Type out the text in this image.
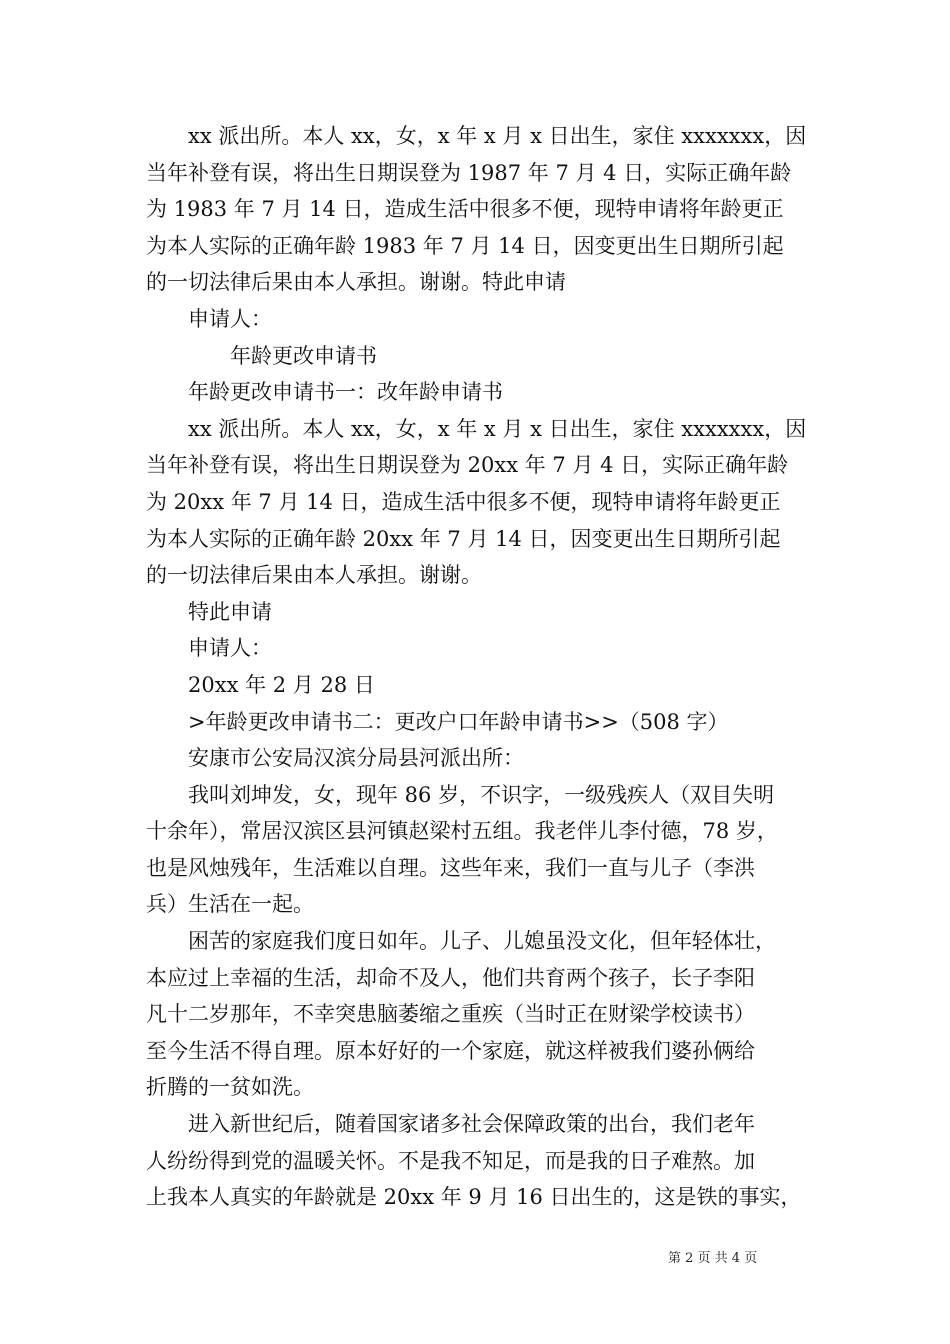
xx 派出所。本人 xx，女，x 年 x 月 x 日出生，家住 xxxxxxx，因
当年补登有误，将出生日期误登为 1987 年 7 月 4 日，实际正确年龄
为 1983 年 7 月 14 日，造成生活中很多不便，现特申请将年龄更正
为本人实际的正确年龄 1983 年 7 月 14 日，因变更出生日期所引起
的一切法律后果由本人承担。谢谢。特此申请
申请人：
年龄更改申请书
年龄更改申请书一：改年龄申请书
xx 派出所。本人 xx，女，x 年 x 月 x 日出生，家住 xxxxxxx，因
当年补登有误，将出生日期误登为 20xx 年 7 月 4 日，实际正确年龄
为 20xx 年 7 月 14 日，造成生活中很多不便，现特申请将年龄更正
为本人实际的正确年龄 20xx 年 7 月 14 日，因变更出生日期所引起
的一切法律后果由本人承担。谢谢。
特此申请
申请人：
20xx 年 2 月 28 日
>年龄更改申请书二：更改户口年龄申请书>>（508 字）
安康市公安局汉滨分局县河派出所：
我叫刘坤发，女，现年 86 岁，不识字，一级残疾人（双目失明
十余年），常居汉滨区县河镇赵梁村五组。我老伴儿李付德，78 岁，
也是风烛残年，生活难以自理。这些年来，我们一直与儿子（李洪
兵）生活在一起。
困苦的家庭我们度日如年。儿子、儿媳虽没文化，但年轻体壮，
本应过上幸福的生活，却命不及人，他们共育两个孩子，长子李阳
凡十二岁那年，不幸突患脑萎缩之重疾（当时正在财梁学校读书）
至今生活不得自理。原本好好的一个家庭，就这样被我们婆孙俩给
折腾的一贫如洗。
进入新世纪后，随着国家诸多社会保障政策的出台，我们老年
人纷纷得到党的温暖关怀。不是我不知足，而是我的日子难熬。加
上我本人真实的年龄就是 20xx 年 9 月 16 日出生的，这是铁的事实，
第 2 页 共 4 页
